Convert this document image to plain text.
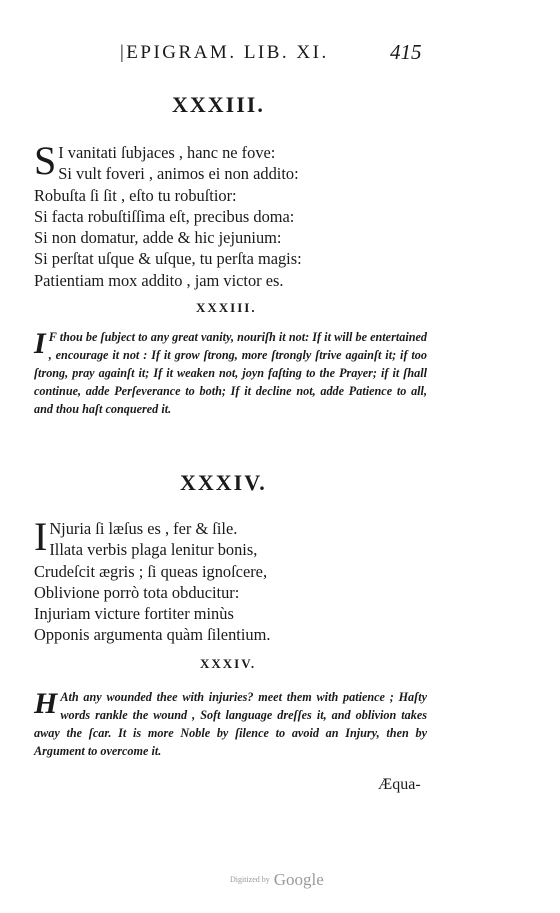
|EPIGRAM. LIB. XI.	415
XXXIII.
S I vanitati ſubjaces , hanc ne fove:
Si vult foveri , animos ei non addito:
Robuſta ſi ſit , eſto tu robuſtior:
Si facta robuſtiſſima eſt, precibus doma:
Si non domatur, adde & hic jejunium:
Si perſtat uſque & uſque, tu perſta magis:
Patientiam mox addito , jam victor es.
XXXIII.
I F thou be ſubject to any great vanity, nouriſh it not: If it will be entertained , encourage it not : If it grow ſtrong, more ſtrongly ſtrive againſt it; if too ſtrong, pray againſt it; If it weaken not, joyn faſting to the Prayer; if it ſhall continue, adde Perſeverance to both; If it decline not, adde Patience to all, and thou haſt conquered it.
XXXIV.
I Njuria ſi læſus es , fer & ſile.
Illata verbis plaga lenitur bonis,
Crudeſcit ægris ; ſi queas ignoſcere,
Oblivione porrò tota obducitur:
Injuriam victure fortiter minùs
Opponis argumenta quàm ſilentium.
XXXIV.
H Ath any wounded thee with injuries? meet them with patience ; Haſty words rankle the wound , Soft language dreſſes it, and oblivion takes away the ſcar. It is more Noble by ſilence to avoid an Injury, then by Argument to overcome it.
Æqua-
Digitized by Google
